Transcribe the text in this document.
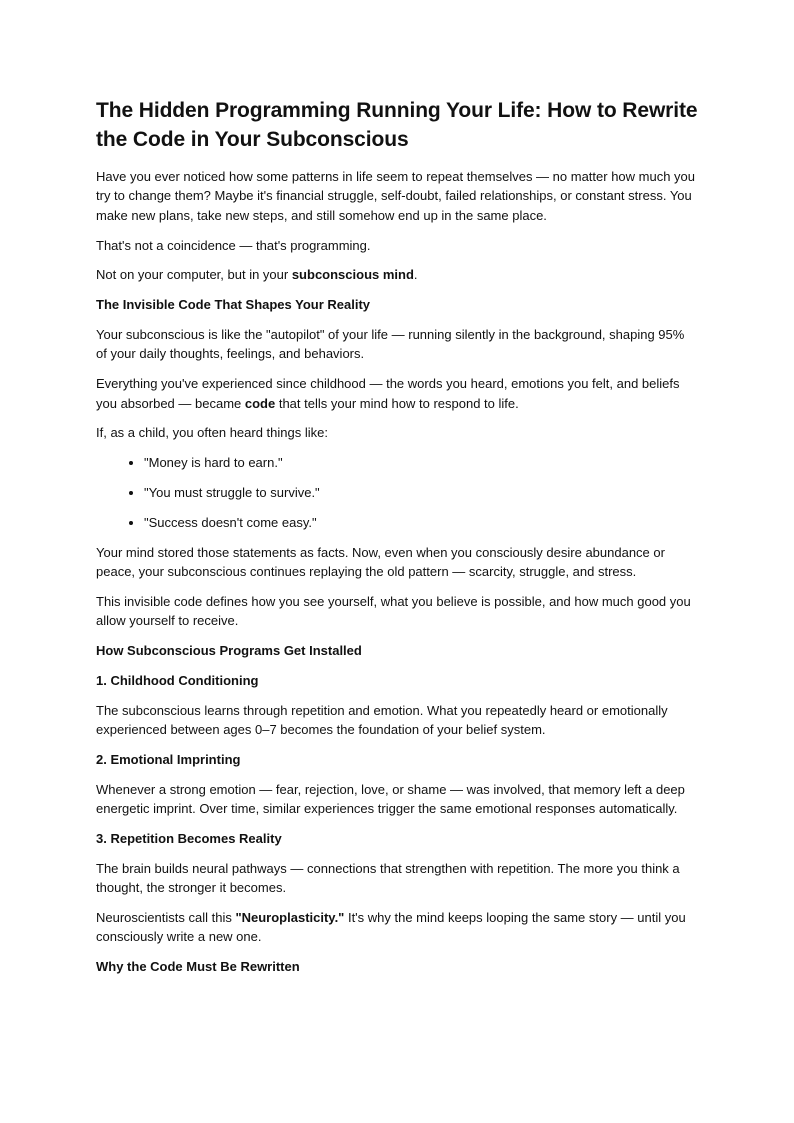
The Hidden Programming Running Your Life: How to Rewrite the Code in Your Subconscious

Have you ever noticed how some patterns in life seem to repeat themselves — no matter how much you try to change them? Maybe it's financial struggle, self-doubt, failed relationships, or constant stress. You make new plans, take new steps, and still somehow end up in the same place.

That's not a coincidence — that's programming.

Not on your computer, but in your subconscious mind.

The Invisible Code That Shapes Your Reality

Your subconscious is like the "autopilot" of your life — running silently in the background, shaping 95% of your daily thoughts, feelings, and behaviors.

Everything you've experienced since childhood — the words you heard, emotions you felt, and beliefs you absorbed — became code that tells your mind how to respond to life.

If, as a child, you often heard things like:

• "Money is hard to earn."
• "You must struggle to survive."
• "Success doesn't come easy."

Your mind stored those statements as facts. Now, even when you consciously desire abundance or peace, your subconscious continues replaying the old pattern — scarcity, struggle, and stress.

This invisible code defines how you see yourself, what you believe is possible, and how much good you allow yourself to receive.

How Subconscious Programs Get Installed

1. Childhood Conditioning

The subconscious learns through repetition and emotion. What you repeatedly heard or emotionally experienced between ages 0–7 becomes the foundation of your belief system.

2. Emotional Imprinting

Whenever a strong emotion — fear, rejection, love, or shame — was involved, that memory left a deep energetic imprint. Over time, similar experiences trigger the same emotional responses automatically.

3. Repetition Becomes Reality

The brain builds neural pathways — connections that strengthen with repetition. The more you think a thought, the stronger it becomes.

Neuroscientists call this "Neuroplasticity." It's why the mind keeps looping the same story — until you consciously write a new one.

Why the Code Must Be Rewritten
